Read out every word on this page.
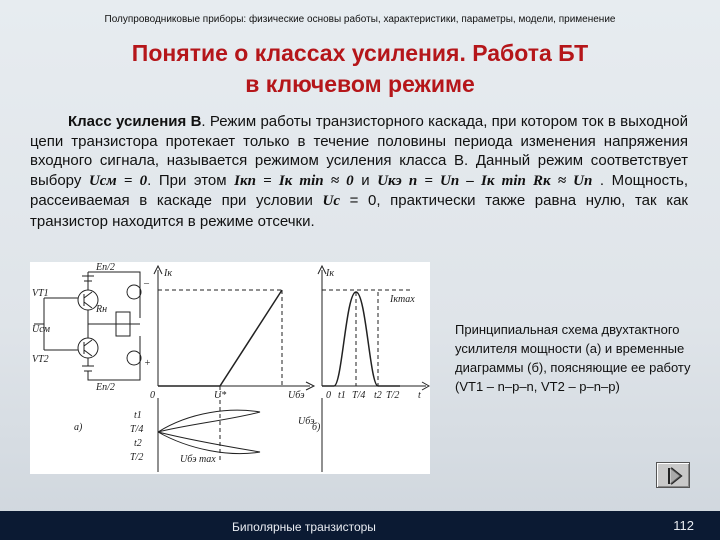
Полупроводниковые приборы: физические основы работы, характеристики, параметры, модели, применение
Понятие о классах усиления. Работа БТ
в ключевом режиме

Класс усиления B. Режим работы транзисторного каскада, при котором ток в выходной цепи транзистора протекает только в течение половины периода изменения напряжения входного сигнала, называется режимом усиления класса B. Данный режим соответствует выбору Uсм = 0. При этом Iкп = Iк min ≈ 0 и Uкэ п = Uп – Iк min Rк ≈ Uп . Мощность, рассеиваемая в каскаде при условии Uс = 0, практически также равна нулю, так как транзистор находится в режиме отсечки.

Eп/2
VT1
VT2
Eп/2
Rн
Uсм
–
+
Iк	Iк
Iкmax
0	U*	Uбэ
Uбэ
Uбэ max
t
0 T/4 T/2
t1	t2
а)	б)
t1
T/4
t2
T/2
Принципиальная схема двухтактного усилителя мощности (а) и временные диаграммы (б), поясняющие ее работу (VT1 – n–p–n, VT2 – p–n–p)
Биполярные транзисторы	112
